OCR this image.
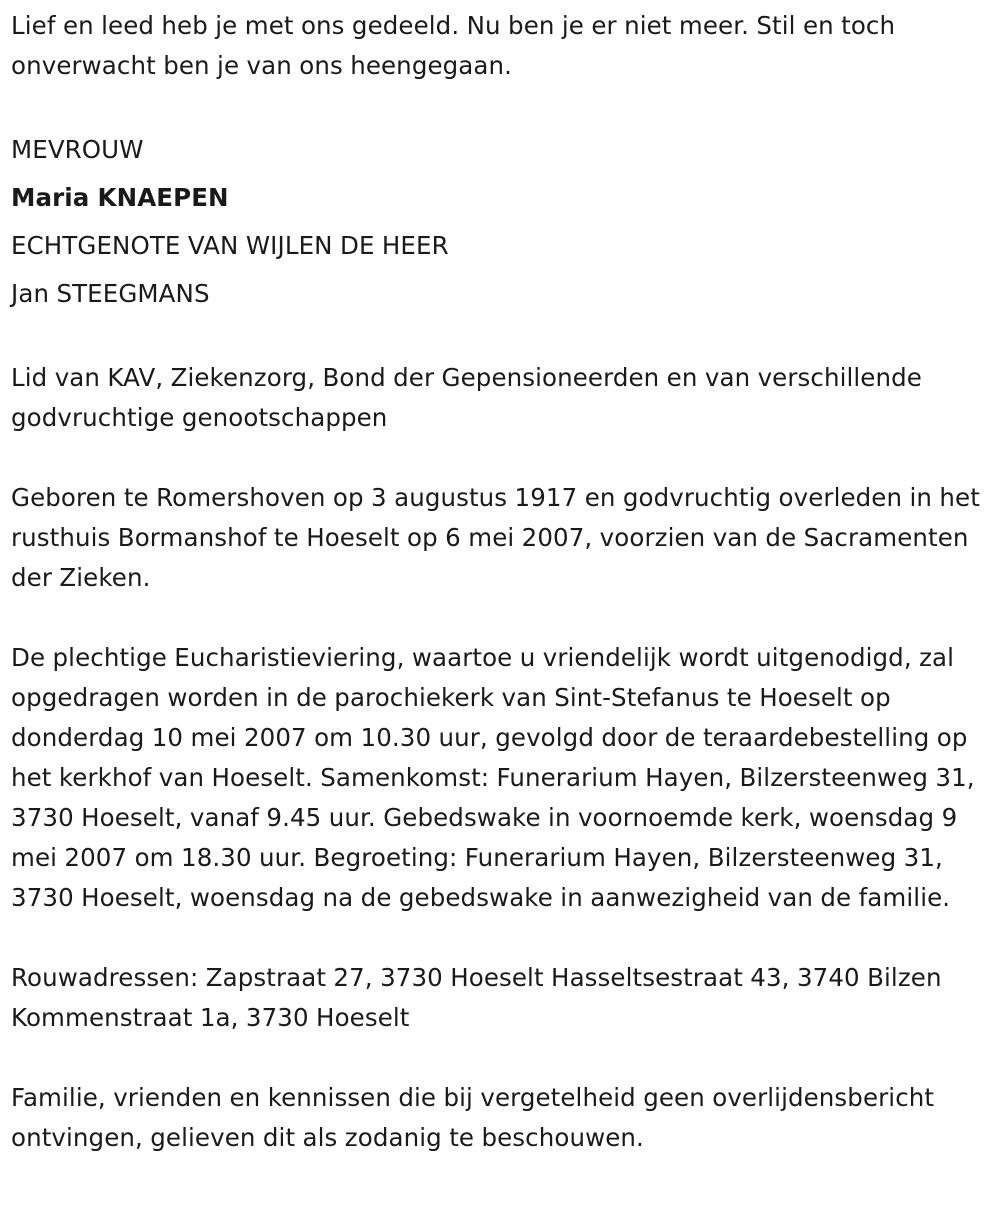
Lief en leed heb je met ons gedeeld. Nu ben je er niet meer. Stil en toch onverwacht ben je van ons heengegaan.

MEVROUW

Maria KNAEPEN

ECHTGENOTE VAN WIJLEN DE HEER

Jan STEEGMANS

Lid van KAV, Ziekenzorg, Bond der Gepensioneerden en van verschillende godvruchtige genootschappen

Geboren te Romershoven op 3 augustus 1917 en godvruchtig overleden in het rusthuis Bormanshof te Hoeselt op 6 mei 2007, voorzien van de Sacramenten der Zieken.

De plechtige Eucharistieviering, waartoe u vriendelijk wordt uitgenodigd, zal opgedragen worden in de parochiekerk van Sint-Stefanus te Hoeselt op donderdag 10 mei 2007 om 10.30 uur, gevolgd door de teraardebestelling op het kerkhof van Hoeselt. Samenkomst: Funerarium Hayen, Bilzersteenweg 31, 3730 Hoeselt, vanaf 9.45 uur. Gebedswake in voornoemde kerk, woensdag 9 mei 2007 om 18.30 uur. Begroeting: Funerarium Hayen, Bilzersteenweg 31, 3730 Hoeselt, woensdag na de gebedswake in aanwezigheid van de familie.

Rouwadressen: Zapstraat 27, 3730 Hoeselt Hasseltsestraat 43, 3740 Bilzen Kommenstraat 1a, 3730 Hoeselt

Familie, vrienden en kennissen die bij vergetelheid geen overlijdensbericht ontvingen, gelieven dit als zodanig te beschouwen.
